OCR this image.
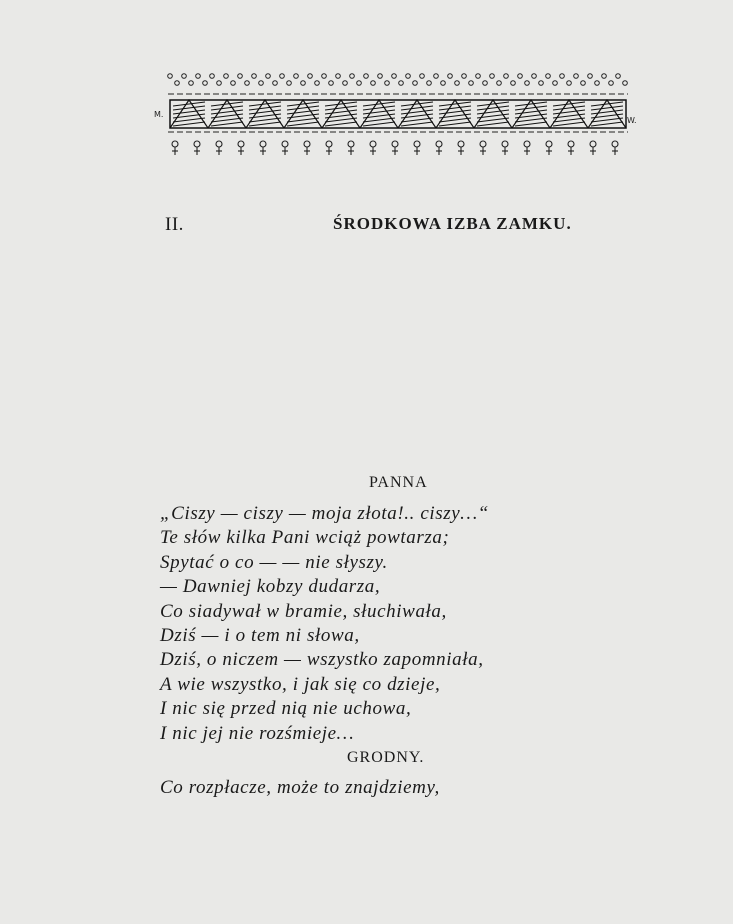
M.
W.
II.	ŚRODKOWA IZBA ZAMKU.
PANNA
„Ciszy — ciszy — moja złota!.. ciszy…“
Te słów kilka Pani wciąż powtarza;
Spytać o co — — nie słyszy.
— Dawniej kobzy dudarza,
Co siadywał w bramie, słuchiwała,
Dziś — i o tem ni słowa,
Dziś, o niczem — wszystko zapomniała,
A wie wszystko, i jak się co dzieje,
I nic się przed nią nie uchowa,
I nic jej nie rozśmieje…
GRODNY.
Co rozpłacze, może to znajdziemy,
